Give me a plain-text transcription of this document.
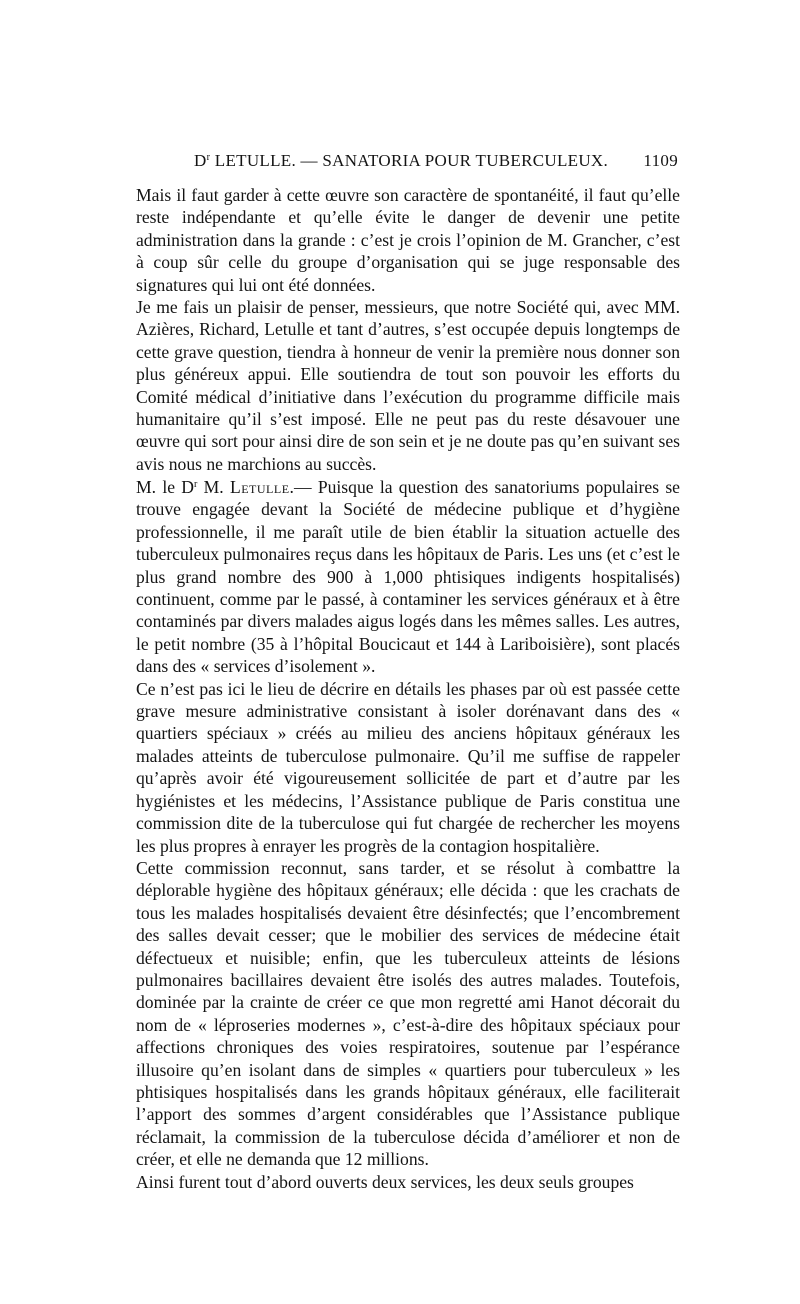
$D^r$ LETULLE. — SANATORIA POUR TUBERCULEUX. 1109

Mais il faut garder à cette œuvre son caractère de spontanéité, il faut qu’elle reste indépendante et qu’elle évite le danger de devenir une petite administration dans la grande : c’est je crois l’opinion de M. Grancher, c’est à coup sûr celle du groupe d’organisation qui se juge responsable des signatures qui lui ont été données.

Je me fais un plaisir de penser, messieurs, que notre Société qui, avec MM. Azières, Richard, Letulle et tant d’autres, s’est occupée depuis longtemps de cette grave question, tiendra à honneur de venir la première nous donner son plus généreux appui. Elle soutiendra de tout son pouvoir les efforts du Comité médical d’initiative dans l’exécution du programme difficile mais humanitaire qu’il s’est imposé. Elle ne peut pas du reste désavouer une œuvre qui sort pour ainsi dire de son sein et je ne doute pas qu’en suivant ses avis nous ne marchions au succès.

M. le $D^r$ M. Letulle.— Puisque la question des sanatoriums populaires se trouve engagée devant la Société de médecine publique et d’hygiène professionnelle, il me paraît utile de bien établir la situation actuelle des tuberculeux pulmonaires reçus dans les hôpitaux de Paris. Les uns (et c’est le plus grand nombre des 900 à 1,000 phtisiques indigents hospitalisés) continuent, comme par le passé, à contaminer les services généraux et à être contaminés par divers malades aigus logés dans les mêmes salles. Les autres, le petit nombre (35 à l’hôpital Boucicaut et 144 à Lariboisière), sont placés dans des « services d’isolement ».

Ce n’est pas ici le lieu de décrire en détails les phases par où est passée cette grave mesure administrative consistant à isoler dorénavant dans des « quartiers spéciaux » créés au milieu des anciens hôpitaux généraux les malades atteints de tuberculose pulmonaire. Qu’il me suffise de rappeler qu’après avoir été vigoureusement sollicitée de part et d’autre par les hygiénistes et les médecins, l’Assistance publique de Paris constitua une commission dite de la tuberculose qui fut chargée de rechercher les moyens les plus propres à enrayer les progrès de la contagion hospitalière.

Cette commission reconnut, sans tarder, et se résolut à combattre la déplorable hygiène des hôpitaux généraux; elle décida : que les crachats de tous les malades hospitalisés devaient être désinfectés; que l’encombrement des salles devait cesser; que le mobilier des services de médecine était défectueux et nuisible; enfin, que les tuberculeux atteints de lésions pulmonaires bacillaires devaient être isolés des autres malades. Toutefois, dominée par la crainte de créer ce que mon regretté ami Hanot décorait du nom de « léproseries modernes », c’est-à-dire des hôpitaux spéciaux pour affections chroniques des voies respiratoires, soutenue par l’espérance illusoire qu’en isolant dans de simples « quartiers pour tuberculeux » les phtisiques hospitalisés dans les grands hôpitaux généraux, elle faciliterait l’apport des sommes d’argent considérables que l’Assistance publique réclamait, la commission de la tuberculose décida d’améliorer et non de créer, et elle ne demanda que 12 millions.

Ainsi furent tout d’abord ouverts deux services, les deux seuls groupes
